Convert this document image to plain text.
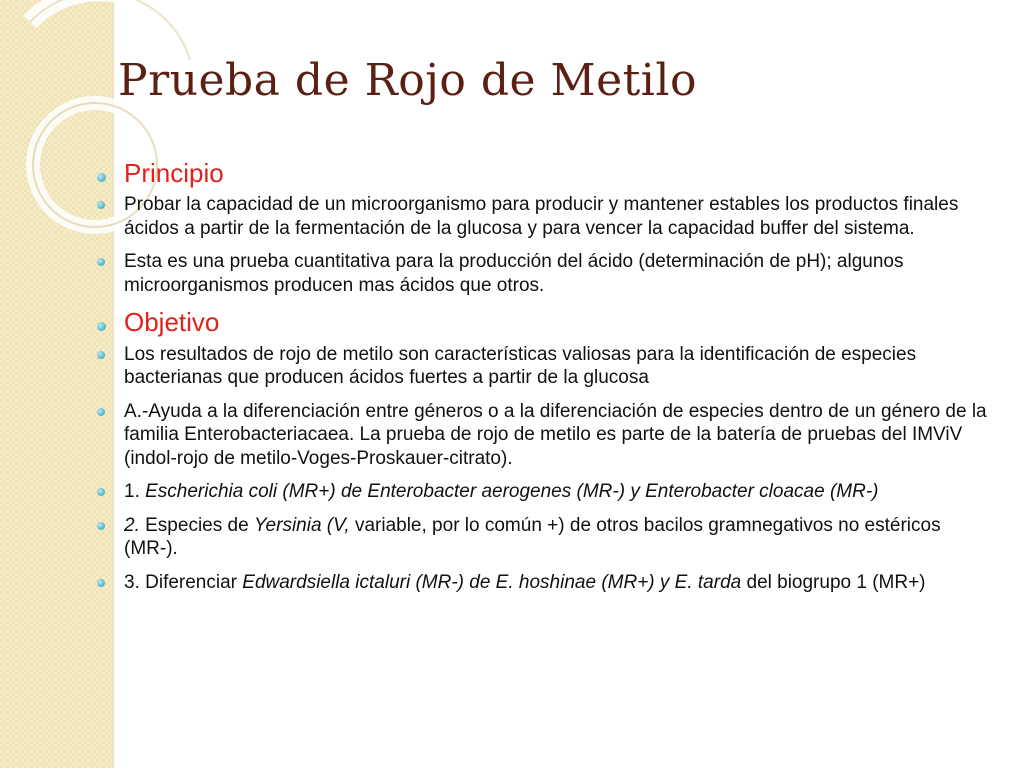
Prueba de Rojo de Metilo
Principio
Probar la capacidad de un microorganismo para producir y mantener estables los productos finales ácidos a partir de la fermentación de la glucosa y para vencer la capacidad buffer del sistema.
Esta es una prueba cuantitativa para la producción del ácido (determinación de pH); algunos microorganismos producen mas ácidos que otros.
Objetivo
Los resultados de rojo de metilo son características valiosas para la identificación de especies bacterianas que producen ácidos fuertes a partir de la glucosa
A.-Ayuda a la diferenciación entre géneros o a la diferenciación de especies dentro de un género de la familia Enterobacteriacaea. La prueba de rojo de metilo es parte de la batería de pruebas del IMViV (indol-rojo de metilo-Voges-Proskauer-citrato).
1. Escherichia coli (MR+) de Enterobacter aerogenes (MR-) y Enterobacter cloacae (MR-)
2. Especies de Yersinia (V, variable, por lo común +) de otros bacilos gramnegativos no estéricos (MR-).
3. Diferenciar Edwardsiella ictaluri (MR-) de E. hoshinae (MR+) y E. tarda del biogrupo 1 (MR+)
